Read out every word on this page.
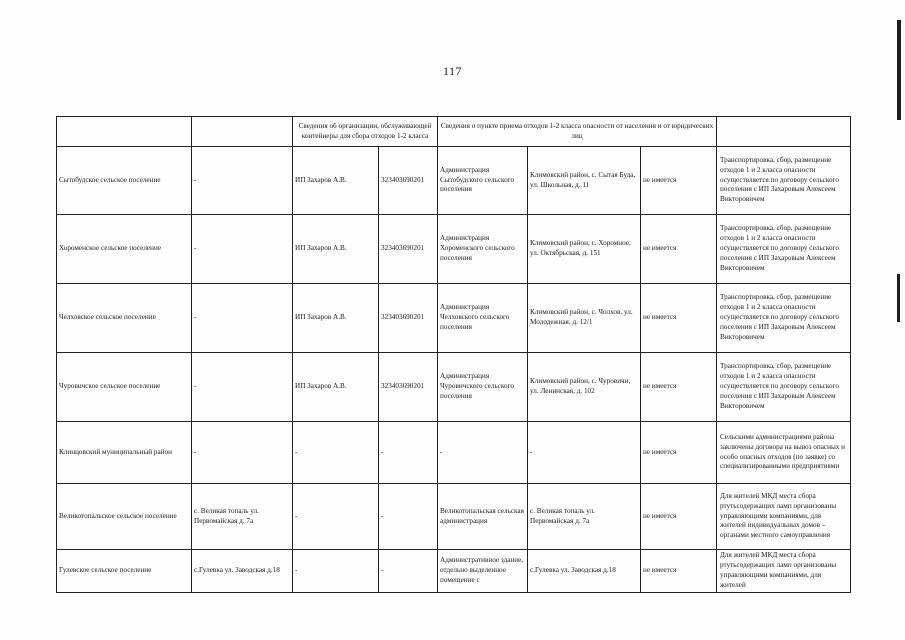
117
		Сведения об организации, обслуживающей контейнеры для сбора отходов 1-2 класса		Сведения о пункте приема отходов 1-2 класса опасности от населения и от юридических лиц			

Сытобудское сельское поселение	-	ИП Захаров А.В.	323403690201	Администрация Сытобудского сельского поселения	Климовский район, с. Сытая Буда, ул. Школьная, д. 11	не имеется	Транспортировка, сбор, размещение отходов 1 и 2 класса опасности осуществляется по договору сельского поселения с ИП Захаровым Алексеем Викторовичем

Хороменское сельское поселение	-	ИП Захаров А.В.	323403690201	Администрация Хороменского сельского поселения	Климовский район, с. Хоромное, ул. Октябрьская, д. 151	не имеется	Транспортировка, сбор, размещение отходов 1 и 2 класса опасности осуществляется по договору сельского поселения с ИП Захаровым Алексеем Викторовичем

Челховское сельское поселение	-	ИП Захаров А.В.	323403690201	Администрация Челховского сельского поселения	Климовский район, с. Чолхов, ул. Молодежная, д. 12/1	не имеется	Транспортировка, сбор, размещение отходов 1 и 2 класса опасности осуществляется по договору сельского поселения с ИП Захаровым Алексеем Викторовичем

Чуровичское сельское поселение	-	ИП Захаров А.В.	323403690201	Администрация Чуровичского сельского поселения	Климовский район, с. Чуровичи, ул. Ленинская, д. 102	не имеется	Транспортировка, сбор, размещение отходов 1 и 2 класса опасности осуществляется по договору сельского поселения с ИП Захаровым Алексеем Викторовичем

Клинцовский муниципальный район	-	-	-	-	-	не имеется	Сельскими администрациями района заключены договора на вывоз опасных и особо опасных отходов (по заявке) со специализированными предприятиями

Великотопальское сельское поселение	с. Великая топаль ул. Первомайская д. 7а	-	-	Великотопальская сельская администрация	с. Великая топаль ул. Первомайская д. 7а	не имеется	Для жителей МКД места сбора ртутьсодержащих ламп организованы управляющими компаниями, для жителей индивидуальных домов – органами местного самоуправления

Гулевское сельское поселение	с.Гулевка ул. Заводская д.18	-	-	Административное здание, отдельно выделенное помещение с	с.Гулевка ул. Заводская д.18	не имеется	Для жителей МКД места сбора ртутьсодержащих ламп организованы управляющими компаниями, для жителей
